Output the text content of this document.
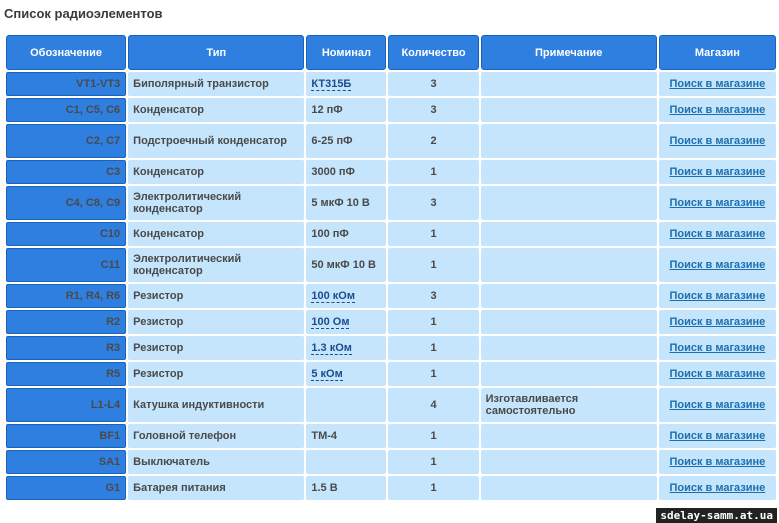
Список радиоэлементов
Обозначение	Тип	Номинал	Количество	Примечание	Магазин
VT1-VT3	Биполярный транзистор	КТ315Б	3		Поиск в магазине
C1, C5, C6	Конденсатор	12 пФ	3		Поиск в магазине
C2, C7	Подстроечный конденсатор	6-25 пФ	2		Поиск в магазине
C3	Конденсатор	3000 пФ	1		Поиск в магазине
C4, C8, C9	Электролитический конденсатор	5 мкФ 10 В	3		Поиск в магазине
C10	Конденсатор	100 пФ	1		Поиск в магазине
C11	Электролитический конденсатор	50 мкФ 10 В	1		Поиск в магазине
R1, R4, R6	Резистор	100 кОм	3		Поиск в магазине
R2	Резистор	100 Ом	1		Поиск в магазине
R3	Резистор	1.3 кОм	1		Поиск в магазине
R5	Резистор	5 кОм	1		Поиск в магазине
L1-L4	Катушка индуктивности		4	Изготавливается самостоятельно	Поиск в магазине
BF1	Головной телефон	ТМ-4	1		Поиск в магазине
SA1	Выключатель		1		Поиск в магазине
G1	Батарея питания	1.5 В	1		Поиск в магазине
sdelay-samm.at.ua
